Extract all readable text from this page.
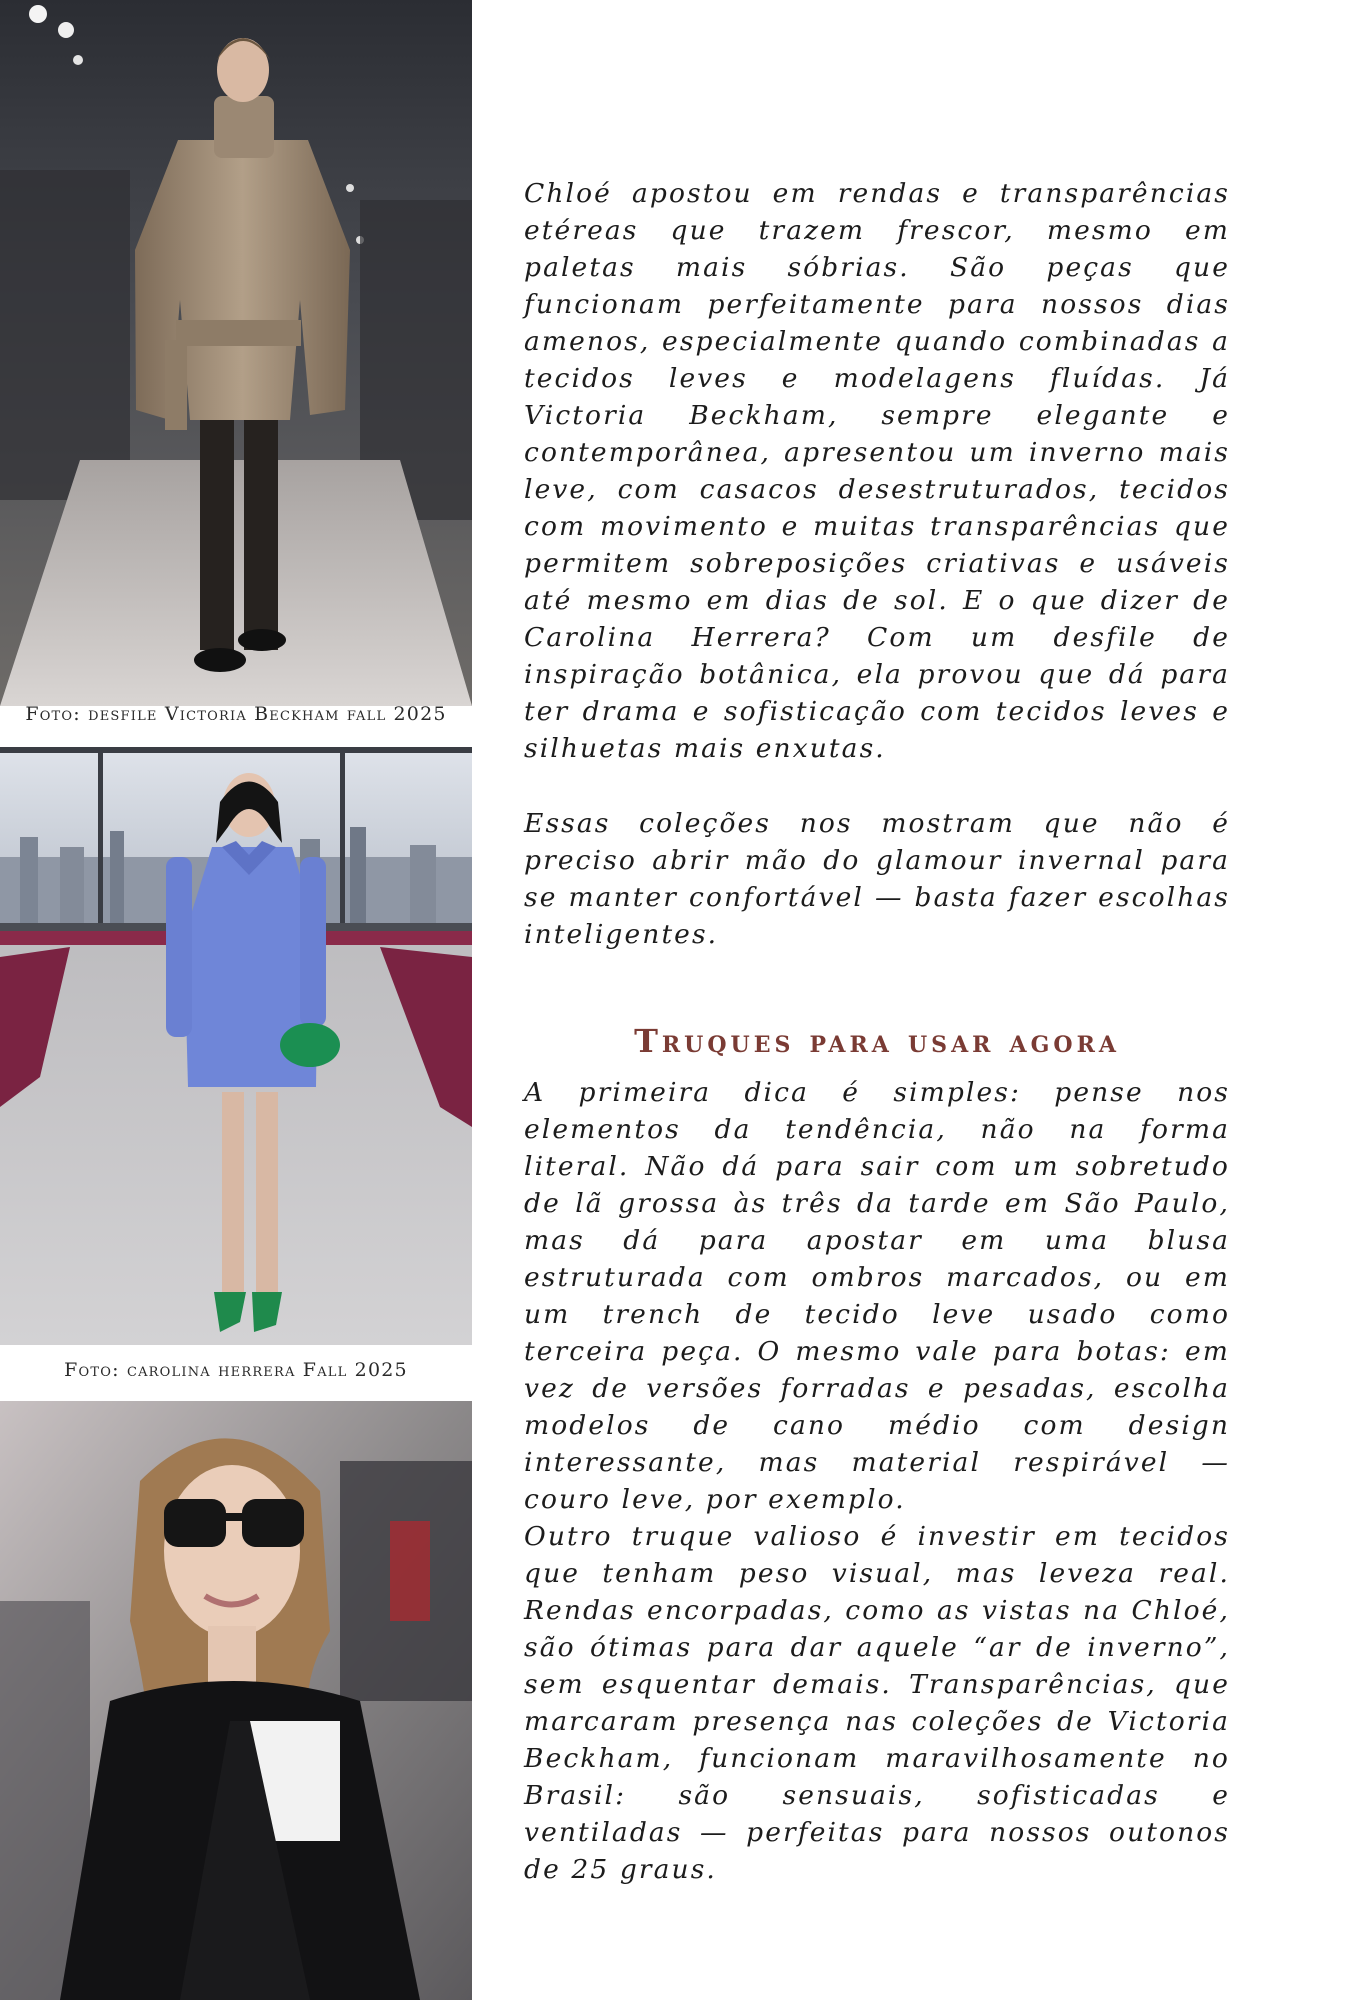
Foto: desfile Victoria Beckham fall 2025
Foto: carolina herrera Fall 2025

Chloé apostou em rendas e transparências etéreas que trazem frescor, mesmo em paletas mais sóbrias. São peças que funcionam perfeitamente para nossos dias amenos, especialmente quando combinadas a tecidos leves e modelagens fluídas. Já Victoria Beckham, sempre elegante e contemporânea, apresentou um inverno mais leve, com casacos desestruturados, tecidos com movimento e muitas transparências que permitem sobreposições criativas e usáveis até mesmo em dias de sol. E o que dizer de Carolina Herrera? Com um desfile de inspiração botânica, ela provou que dá para ter drama e sofisticação com tecidos leves e silhuetas mais enxutas.

Essas coleções nos mostram que não é preciso abrir mão do glamour invernal para se manter confortável — basta fazer escolhas inteligentes.

Truques para usar agora

A primeira dica é simples: pense nos elementos da tendência, não na forma literal. Não dá para sair com um sobretudo de lã grossa às três da tarde em São Paulo, mas dá para apostar em uma blusa estruturada com ombros marcados, ou em um trench de tecido leve usado como terceira peça. O mesmo vale para botas: em vez de versões forradas e pesadas, escolha modelos de cano médio com design interessante, mas material respirável — couro leve, por exemplo.

Outro truque valioso é investir em tecidos que tenham peso visual, mas leveza real. Rendas encorpadas, como as vistas na Chloé, são ótimas para dar aquele “ar de inverno”, sem esquentar demais. Transparências, que marcaram presença nas coleções de Victoria Beckham, funcionam maravilhosamente no Brasil: são sensuais, sofisticadas e ventiladas — perfeitas para nossos outonos de 25 graus.
